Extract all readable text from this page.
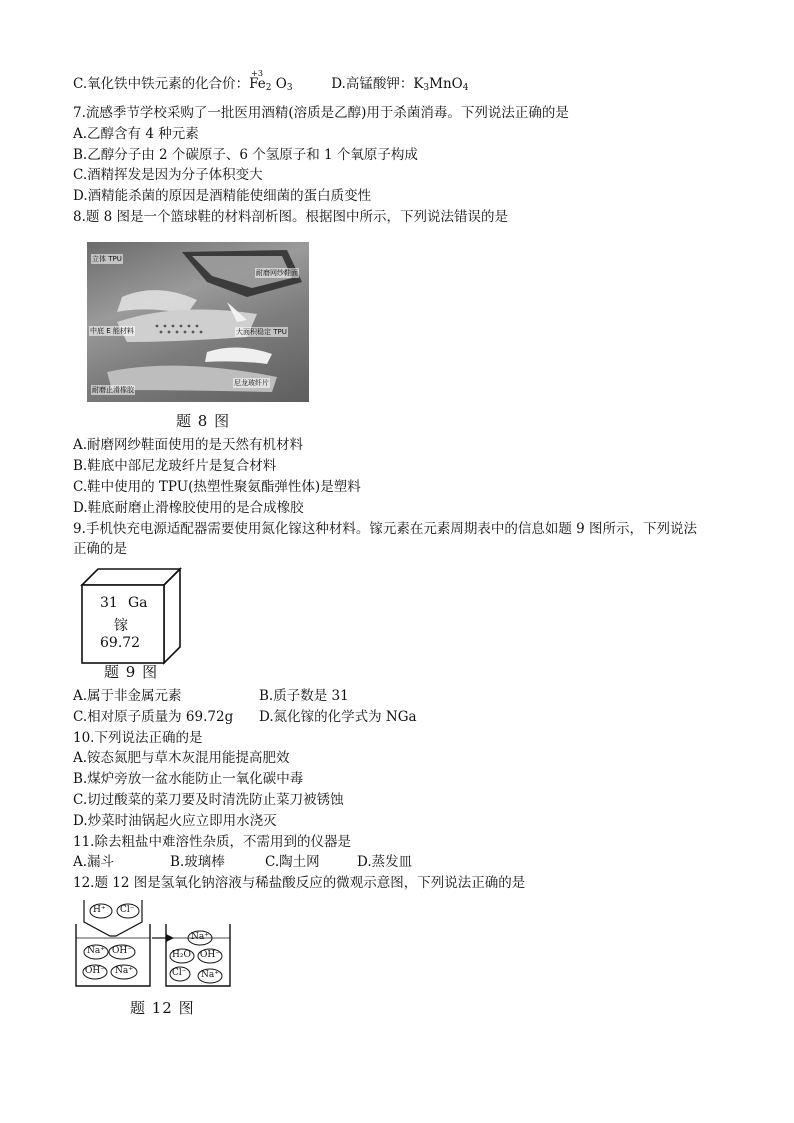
C.氧化铁中铁元素的化合价：
+3
$Fe_2$ $O_3$	D.高锰酸钾：$K_3MnO_4$
7.流感季节学校采购了一批医用酒精(溶质是乙醇)用于杀菌消毒。下列说法正确的是
A.乙醇含有 4 种元素
B.乙醇分子由 2 个碳原子、6 个氢原子和 1 个氧原子构成
C.酒精挥发是因为分子体积变大
D.酒精能杀菌的原因是酒精能使细菌的蛋白质变性
8.题 8 图是一个篮球鞋的材料剖析图。根据图中所示，下列说法错误的是
立体 TPU
耐磨网纱鞋面
中底 E 能材料	大面积稳定 TPU
尼龙玻纤片
耐磨止滑橡胶
题 8 图
A.耐磨网纱鞋面使用的是天然有机材料
B.鞋底中部尼龙玻纤片是复合材料
C.鞋中使用的 TPU(热塑性聚氨酯弹性体)是塑料
D.鞋底耐磨止滑橡胶使用的是合成橡胶
9.手机快充电源适配器需要使用氮化镓这种材料。镓元素在元素周期表中的信息如题 9 图所示，下列说法
正确的是
31 Ga
镓
69.72
题 9 图
A.属于非金属元素	B.质子数是 31
C.相对原子质量为 69.72g D.氮化镓的化学式为 NGa
10.下列说法正确的是
A.铵态氮肥与草木灰混用能提高肥效
B.煤炉旁放一盆水能防止一氧化碳中毒
C.切过酸菜的菜刀要及时清洗防止菜刀被锈蚀
D.炒菜时油锅起火应立即用水浇灭
11.除去粗盐中难溶性杂质，不需用到的仪器是
A.漏斗	B.玻璃棒	C.陶土网	D.蒸发皿
12.题 12 图是氢氧化钠溶液与稀盐酸反应的微观示意图，下列说法正确的是
H⁺ Cl⁻
Na⁺ OH⁻
OH⁻ Na⁺
Na⁺
H₂O OH⁻
Cl⁻ Na⁺
题 12 图
